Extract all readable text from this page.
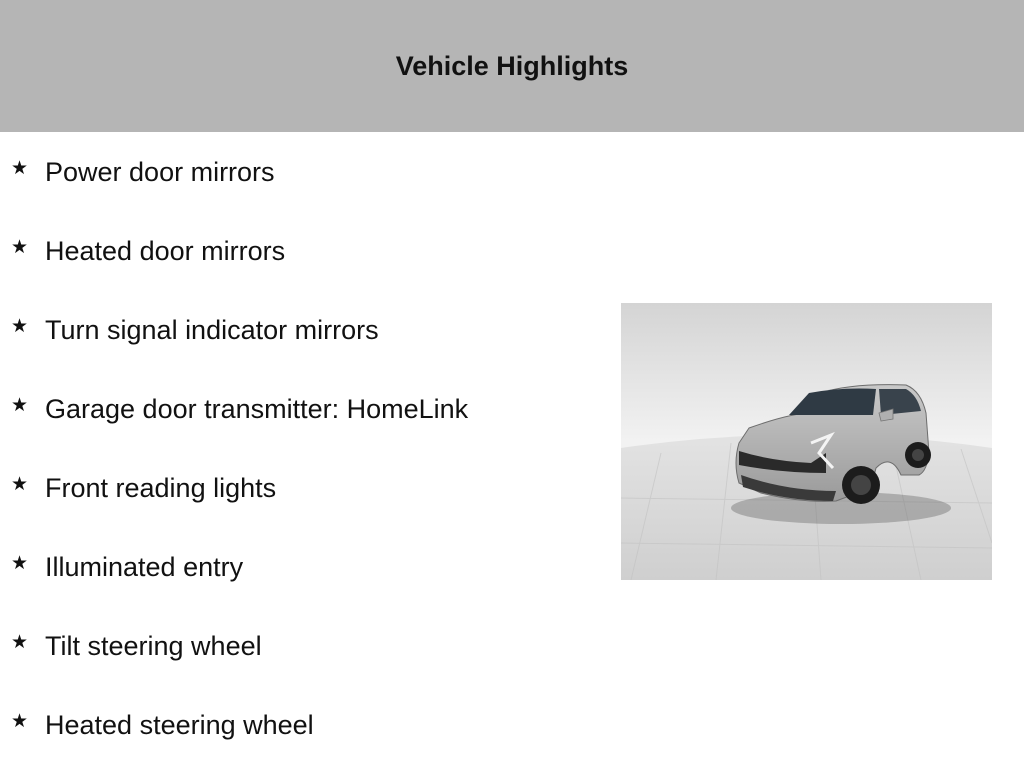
Vehicle Highlights
★ Power door mirrors
★ Heated door mirrors
★ Turn signal indicator mirrors
★ Garage door transmitter: HomeLink
★ Front reading lights
★ Illuminated entry
★ Tilt steering wheel
★ Heated steering wheel
